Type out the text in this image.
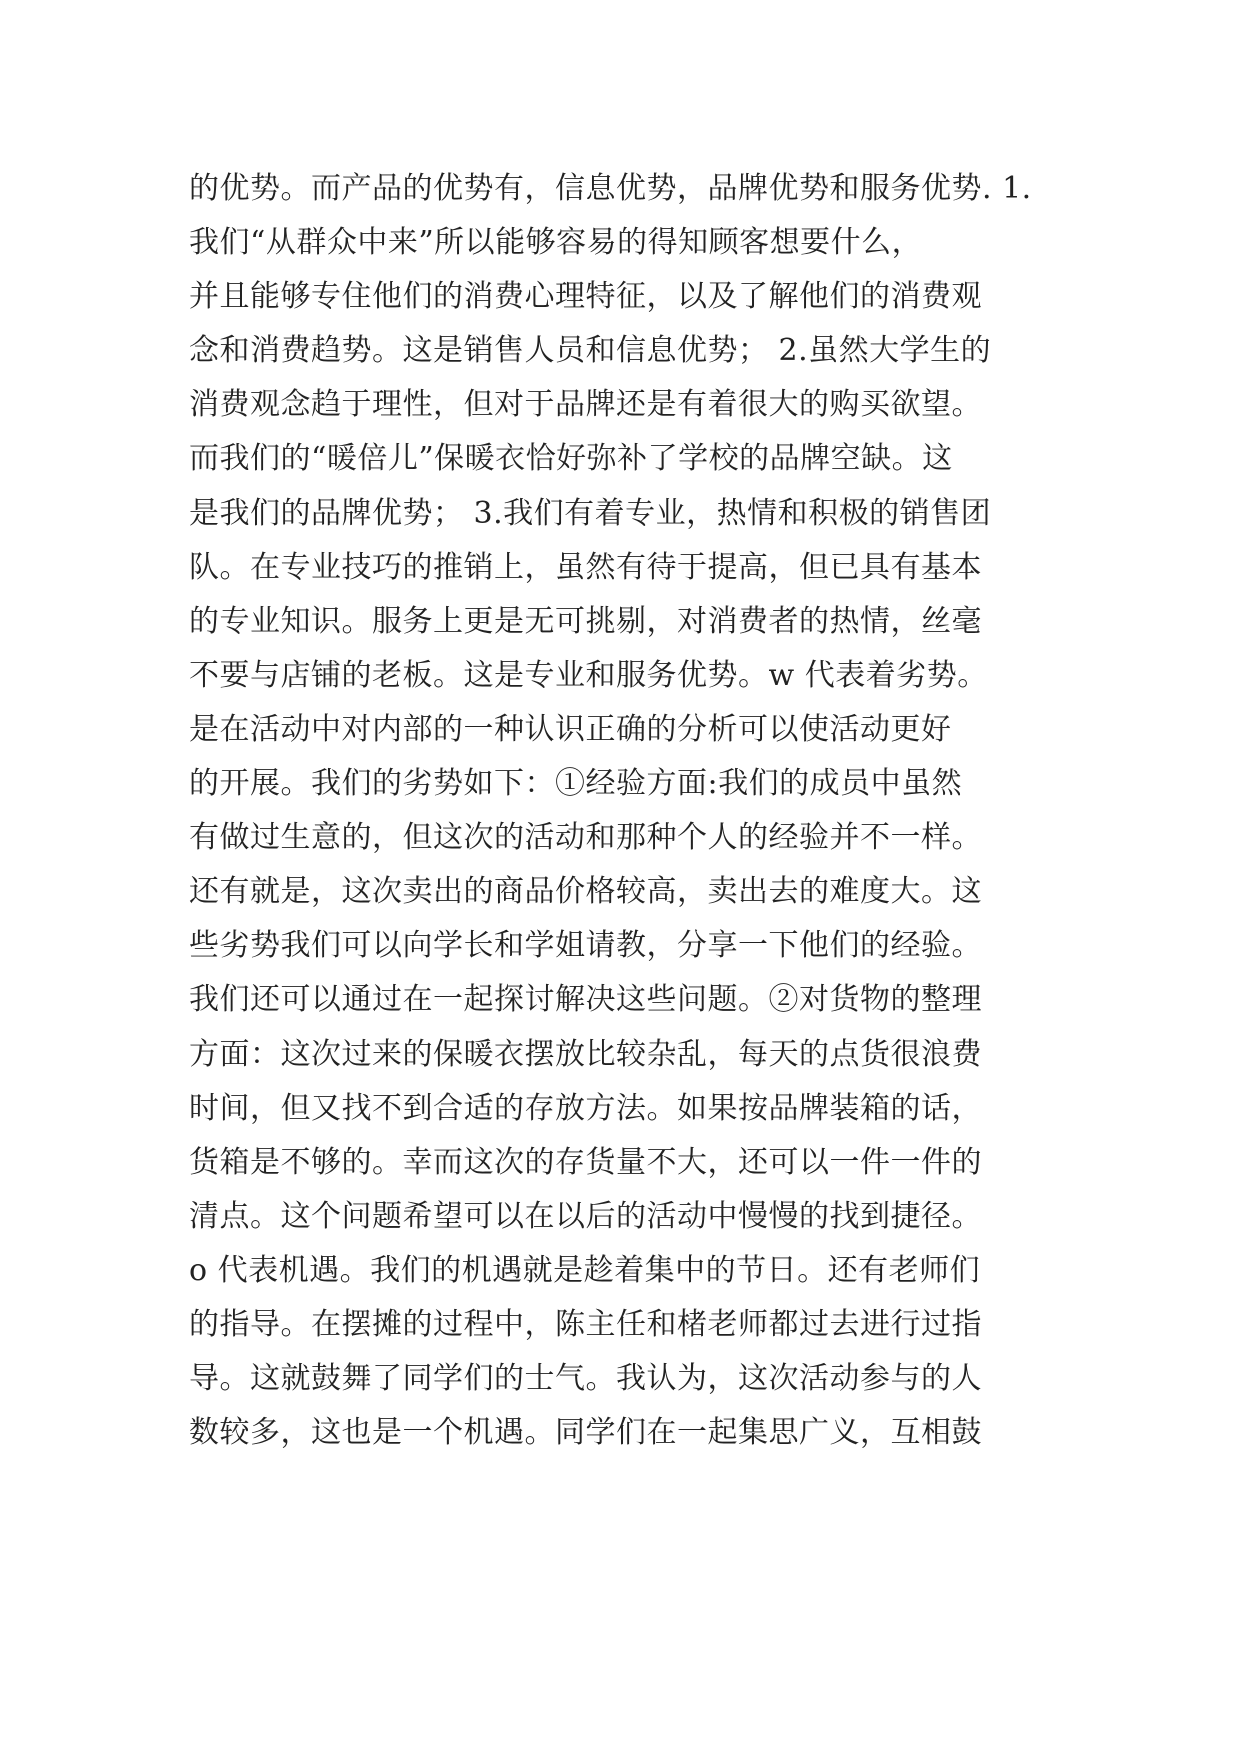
的优势。而产品的优势有，信息优势，品牌优势和服务优势. 1.
我们“从群众中来”所以能够容易的得知顾客想要什么，
并且能够专住他们的消费心理特征，以及了解他们的消费观
念和消费趋势。这是销售人员和信息优势； 2.虽然大学生的
消费观念趋于理性，但对于品牌还是有着很大的购买欲望。
而我们的“暖倍儿”保暖衣恰好弥补了学校的品牌空缺。这
是我们的品牌优势； 3.我们有着专业，热情和积极的销售团
队。在专业技巧的推销上，虽然有待于提高，但已具有基本
的专业知识。服务上更是无可挑剔，对消费者的热情，丝毫
不要与店铺的老板。这是专业和服务优势。w 代表着劣势。
是在活动中对内部的一种认识正确的分析可以使活动更好
的开展。我们的劣势如下：①经验方面:我们的成员中虽然
有做过生意的，但这次的活动和那种个人的经验并不一样。
还有就是，这次卖出的商品价格较高，卖出去的难度大。这
些劣势我们可以向学长和学姐请教，分享一下他们的经验。
我们还可以通过在一起探讨解决这些问题。②对货物的整理
方面：这次过来的保暖衣摆放比较杂乱，每天的点货很浪费
时间，但又找不到合适的存放方法。如果按品牌装箱的话，
货箱是不够的。幸而这次的存货量不大，还可以一件一件的
清点。这个问题希望可以在以后的活动中慢慢的找到捷径。
o 代表机遇。我们的机遇就是趁着集中的节日。还有老师们
的指导。在摆摊的过程中，陈主任和楮老师都过去进行过指
导。这就鼓舞了同学们的士气。我认为，这次活动参与的人
数较多，这也是一个机遇。同学们在一起集思广义，互相鼓
